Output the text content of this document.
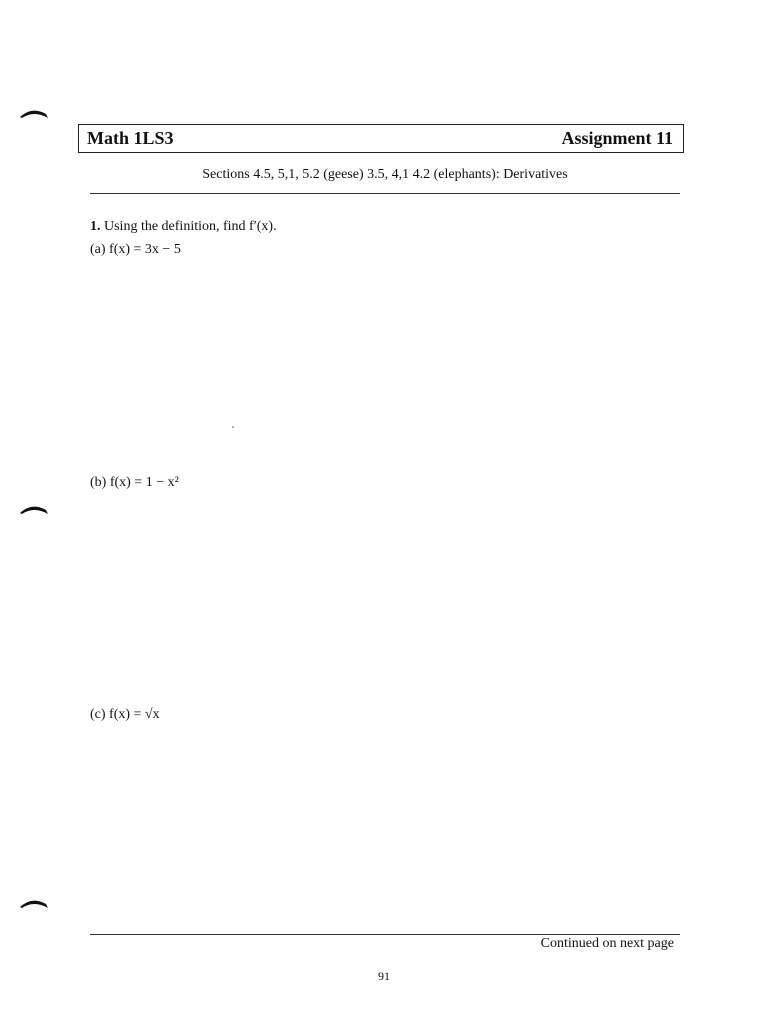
Math 1LS3	Assignment 11
Sections 4.5, 5,1, 5.2 (geese) 3.5, 4,1 4.2 (elephants): Derivatives
1. Using the definition, find f′(x).
(a) f(x) = 3x − 5
(b) f(x) = 1 − x²
(c) f(x) = √x
Continued on next page
91
